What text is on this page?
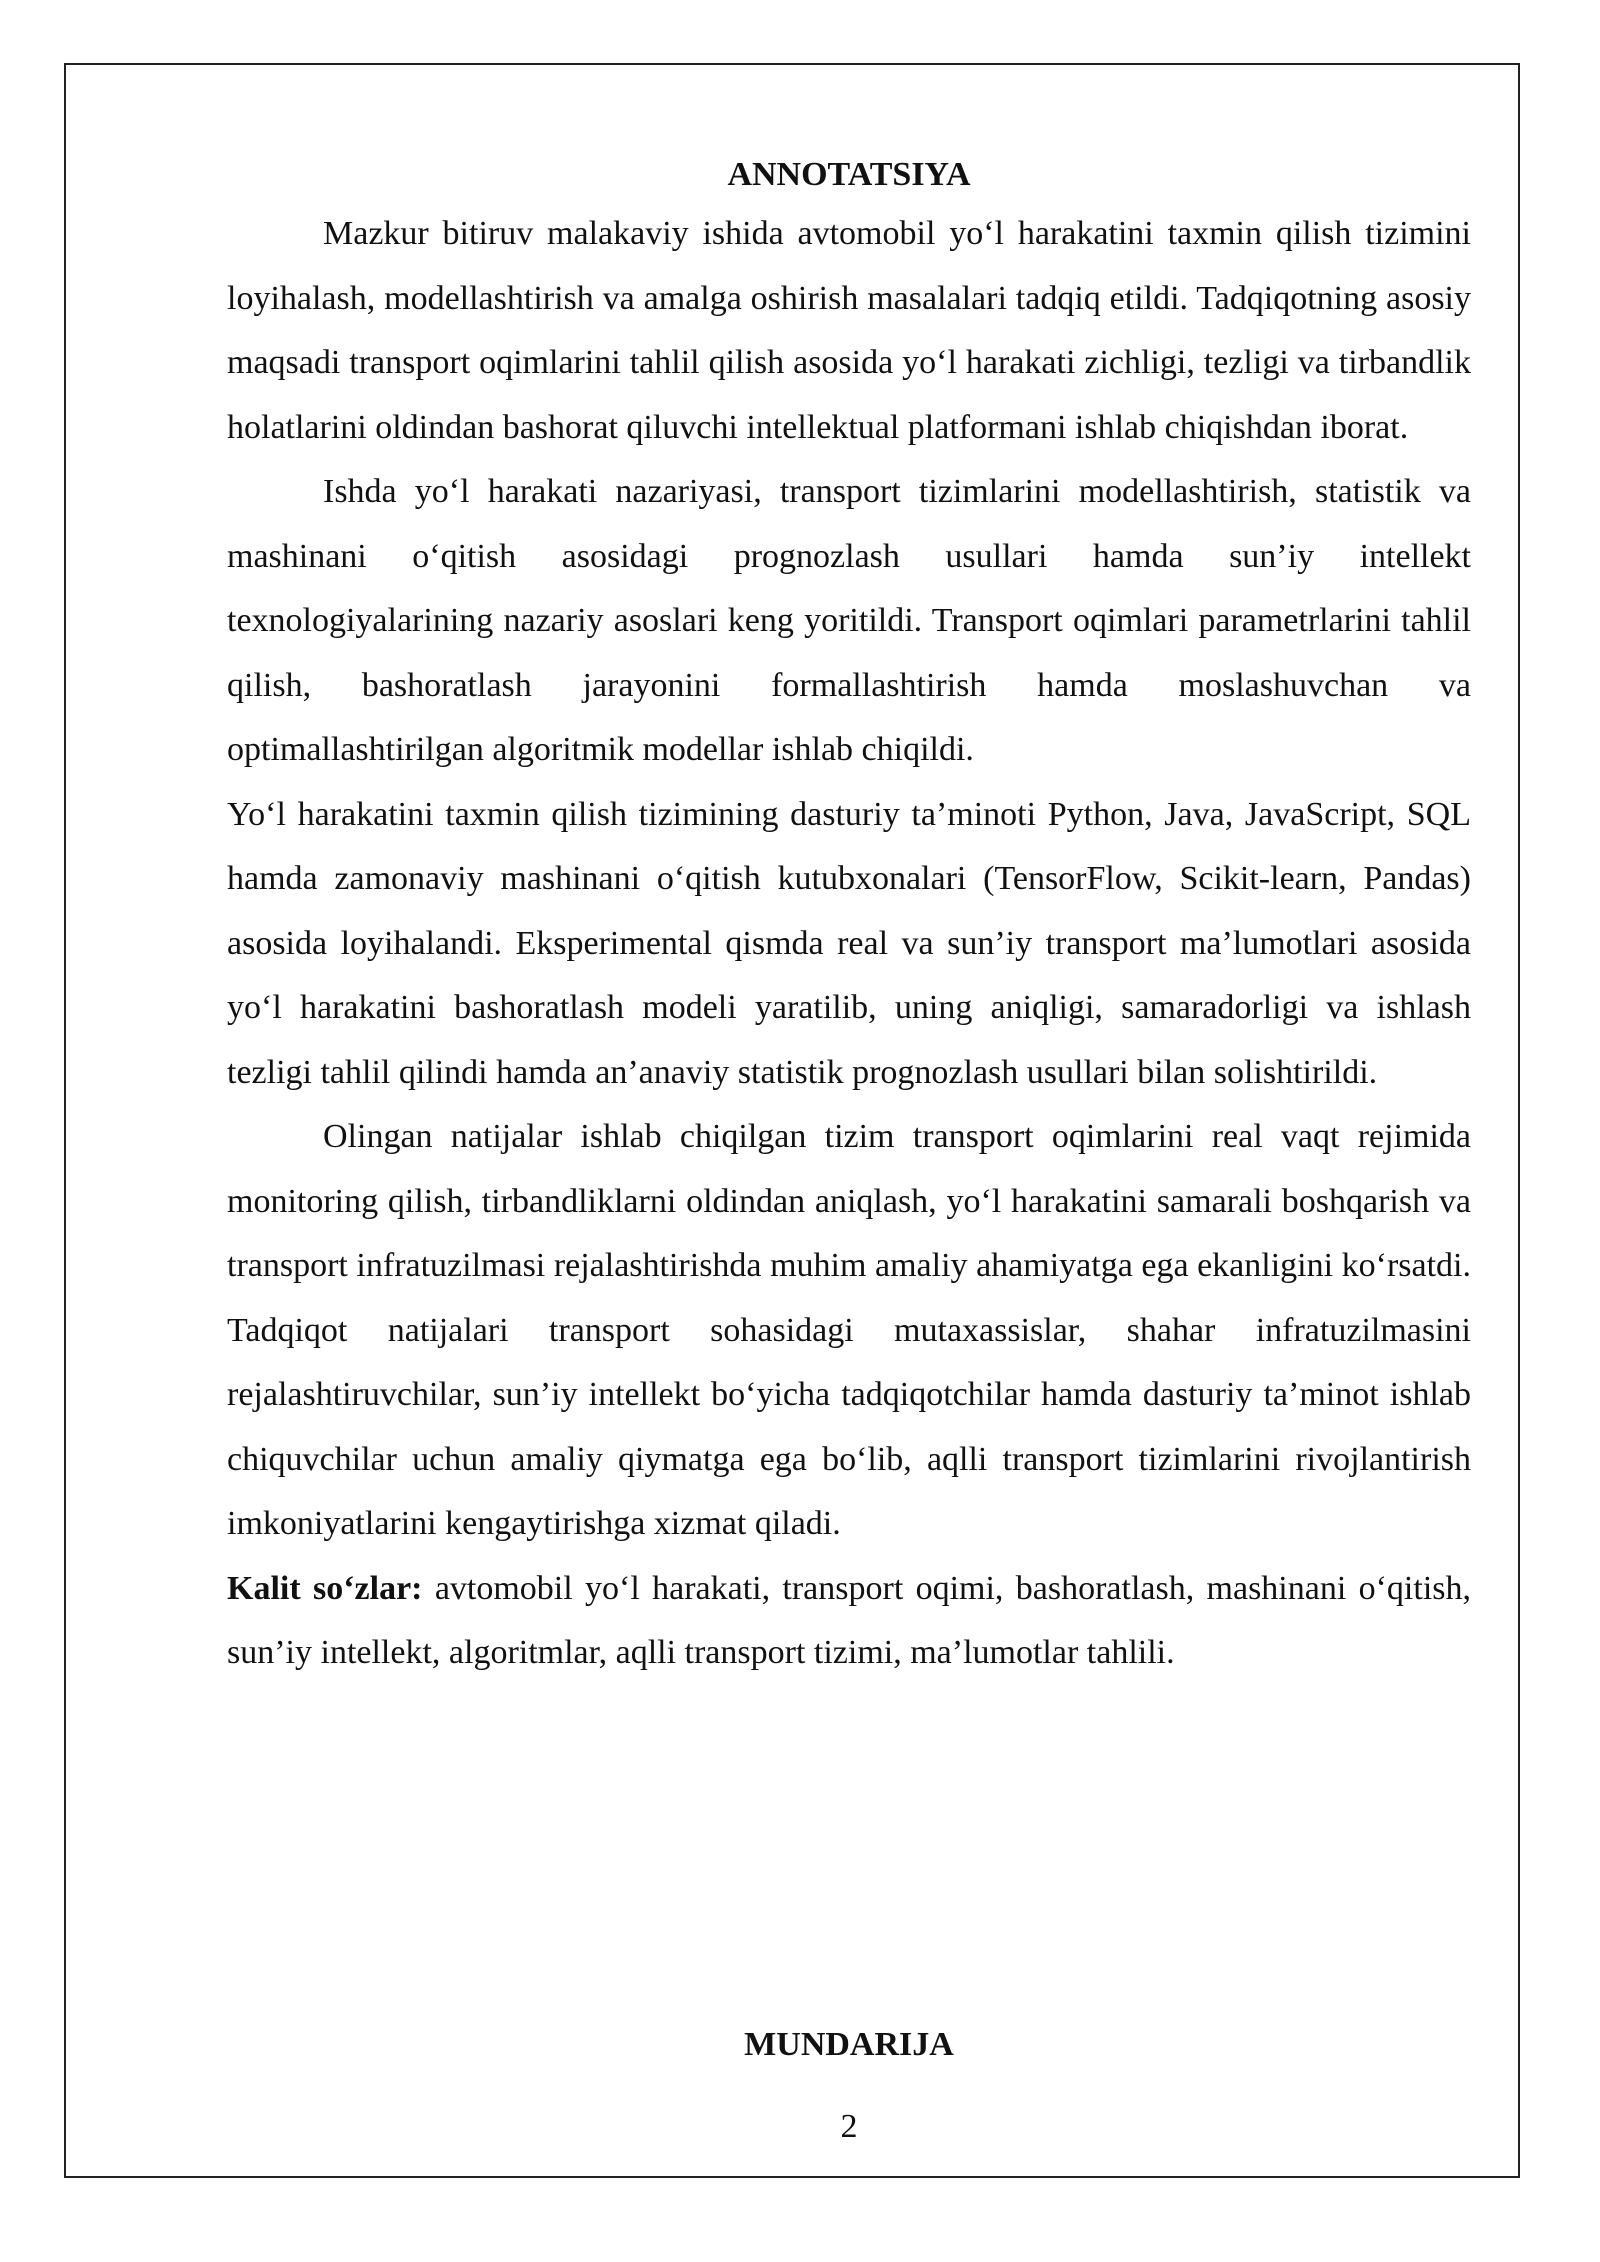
ANNOTATSIYA

Mazkur bitiruv malakaviy ishida avtomobil yo‘l harakatini taxmin qilish tizimini loyihalash, modellashtirish va amalga oshirish masalalari tadqiq etildi. Tadqiqotning asosiy maqsadi transport oqimlarini tahlil qilish asosida yo‘l harakati zichligi, tezligi va tirbandlik holatlarini oldindan bashorat qiluvchi intellektual platformani ishlab chiqishdan iborat.

Ishda yo‘l harakati nazariyasi, transport tizimlarini modellashtirish, statistik va mashinani o‘qitish asosidagi prognozlash usullari hamda sun’iy intellekt texnologiyalarining nazariy asoslari keng yoritildi. Transport oqimlari parametrlarini tahlil qilish, bashoratlash jarayonini formallashtirish hamda moslashuvchan va optimallashtirilgan algoritmik modellar ishlab chiqildi.

Yo‘l harakatini taxmin qilish tizimining dasturiy ta’minoti Python, Java, JavaScript, SQL hamda zamonaviy mashinani o‘qitish kutubxonalari (TensorFlow, Scikit-learn, Pandas) asosida loyihalandi. Eksperimental qismda real va sun’iy transport ma’lumotlari asosida yo‘l harakatini bashoratlash modeli yaratilib, uning aniqligi, samaradorligi va ishlash tezligi tahlil qilindi hamda an’anaviy statistik prognozlash usullari bilan solishtirildi.

Olingan natijalar ishlab chiqilgan tizim transport oqimlarini real vaqt rejimida monitoring qilish, tirbandliklarni oldindan aniqlash, yo‘l harakatini samarali boshqarish va transport infratuzilmasi rejalashtirishda muhim amaliy ahamiyatga ega ekanligini ko‘rsatdi. Tadqiqot natijalari transport sohasidagi mutaxassislar, shahar infratuzilmasini rejalashtiruvchilar, sun’iy intellekt bo‘yicha tadqiqotchilar hamda dasturiy ta’minot ishlab chiquvchilar uchun amaliy qiymatga ega bo‘lib, aqlli transport tizimlarini rivojlantirish imkoniyatlarini kengaytirishga xizmat qiladi.

Kalit so‘zlar: avtomobil yo‘l harakati, transport oqimi, bashoratlash, mashinani o‘qitish, sun’iy intellekt, algoritmlar, aqlli transport tizimi, ma’lumotlar tahlili.

MUNDARIJA
2
